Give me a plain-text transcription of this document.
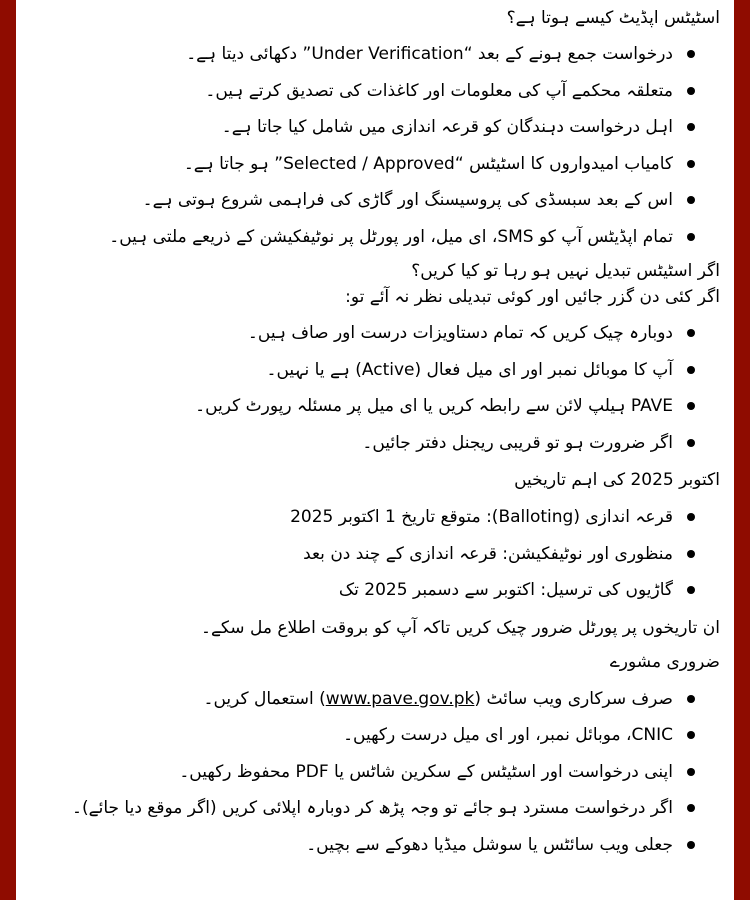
اسٹیٹس اپڈیٹ کیسے ہوتا ہے؟
درخواست جمع ہونے کے بعد “Under Verification” دکھائی دیتا ہے۔
متعلقہ محکمے آپ کی معلومات اور کاغذات کی تصدیق کرتے ہیں۔
اہل درخواست دہندگان کو قرعہ اندازی میں شامل کیا جاتا ہے۔
کامیاب امیدواروں کا اسٹیٹس “Selected / Approved” ہو جاتا ہے۔
اس کے بعد سبسڈی کی پروسیسنگ اور گاڑی کی فراہمی شروع ہوتی ہے۔
تمام اپڈیٹس آپ کو SMS، ای میل، اور پورٹل پر نوٹیفکیشن کے ذریعے ملتی ہیں۔
اگر اسٹیٹس تبدیل نہیں ہو رہا تو کیا کریں؟
اگر کئی دن گزر جائیں اور کوئی تبدیلی نظر نہ آئے تو:
دوبارہ چیک کریں کہ تمام دستاویزات درست اور صاف ہیں۔
آپ کا موبائل نمبر اور ای میل فعال (Active) ہے یا نہیں۔
PAVE ہیلپ لائن سے رابطہ کریں یا ای میل پر مسئلہ رپورٹ کریں۔
اگر ضرورت ہو تو قریبی ریجنل دفتر جائیں۔
اکتوبر 2025 کی اہم تاریخیں
قرعہ اندازی (Balloting): متوقع تاریخ 1 اکتوبر 2025
منظوری اور نوٹیفکیشن: قرعہ اندازی کے چند دن بعد
گاڑیوں کی ترسیل: اکتوبر سے دسمبر 2025 تک
ان تاریخوں پر پورٹل ضرور چیک کریں تاکہ آپ کو بروقت اطلاع مل سکے۔
ضروری مشورے
صرف سرکاری ویب سائٹ (www.pave.gov.pk) استعمال کریں۔
CNIC، موبائل نمبر، اور ای میل درست رکھیں۔
اپنی درخواست اور اسٹیٹس کے سکرین شاٹس یا PDF محفوظ رکھیں۔
اگر درخواست مسترد ہو جائے تو وجہ پڑھ کر دوبارہ اپلائی کریں (اگر موقع دیا جائے)۔
جعلی ویب سائٹس یا سوشل میڈیا دھوکے سے بچیں۔
